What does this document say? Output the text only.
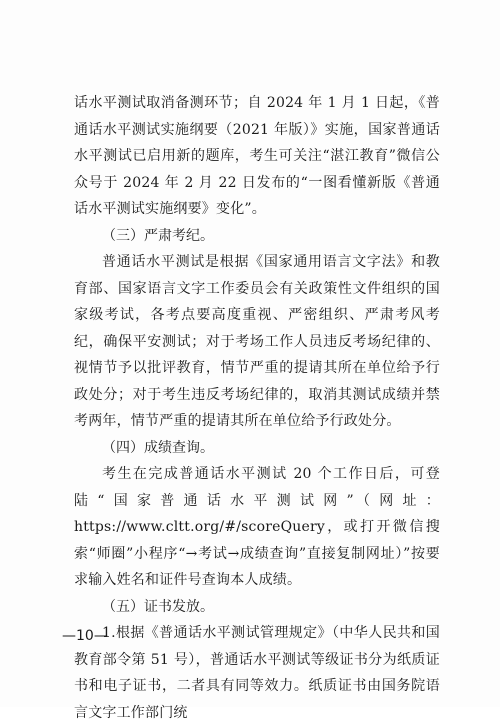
话水平测试取消备测环节；自 2024 年 1 月 1 日起，《普通话水平测试实施纲要（2021 年版）》实施，国家普通话水平测试已启用新的题库，考生可关注“湛江教育”微信公众号于 2024 年 2 月 22 日发布的“一图看懂新版《普通话水平测试实施纲要》变化”。

（三）严肃考纪。

普通话水平测试是根据《国家通用语言文字法》和教育部、国家语言文字工作委员会有关政策性文件组织的国家级考试，各考点要高度重视、严密组织、严肃考风考纪，确保平安测试；对于考场工作人员违反考场纪律的、视情节予以批评教育，情节严重的提请其所在单位给予行政处分；对于考生违反考场纪律的，取消其测试成绩并禁考两年，情节严重的提请其所在单位给予行政处分。

（四）成绩查询。

考生在完成普通话水平测试 20 个工作日后，可登陆“国家普通话水平测试网”（网址：https://www.cltt.org/#/scoreQuery，或打开微信搜索“师圈”小程序“→考试→成绩查询”直接复制网址）”按要求输入姓名和证件号查询本人成绩。

（五）证书发放。

1.根据《普通话水平测试管理规定》（中华人民共和国教育部令第 51 号），普通话水平测试等级证书分为纸质证书和电子证书，二者具有同等效力。纸质证书由国务院语言文字工作部门统

—10—
